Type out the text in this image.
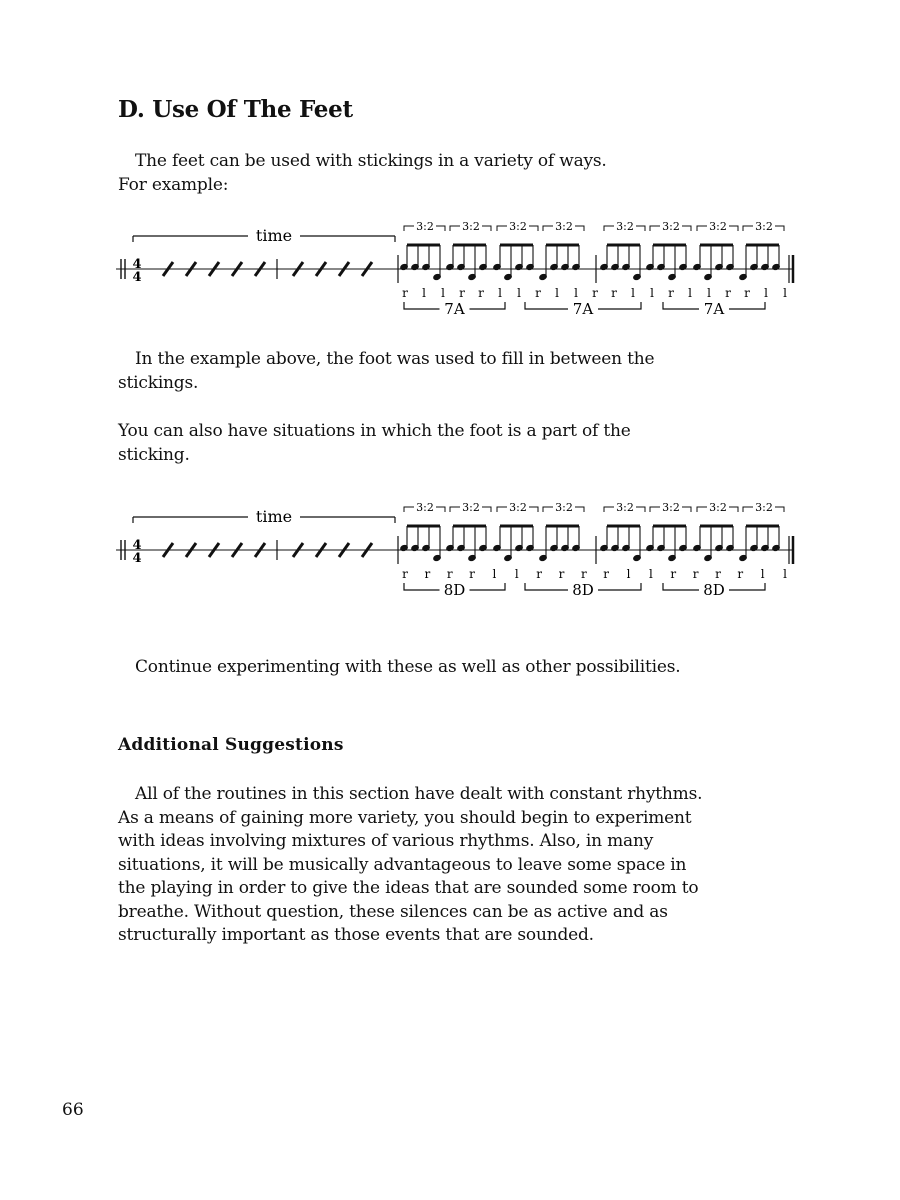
D. Use Of The Feet
The feet can be used with stickings in a variety of ways.
For example:
time
4
4
3:2	3:2	3:2	3:2	3:2	3:2	3:2	3:2
r l l r r l l r l l r r l l r l l r r l l
7A	7A	7A
In the example above, the foot was used to fill in between the
stickings.
You can also have situations in which the foot is a part of the
sticking.
time
4
4
3:2	3:2	3:2	3:2	3:2	3:2	3:2	3:2
r r r r l l r r r r l l r r r r l l
8D	8D	8D
Continue experimenting with these as well as other possibilities.
Additional Suggestions
All of the routines in this section have dealt with constant rhythms.
As a means of gaining more variety, you should begin to experiment
with ideas involving mixtures of various rhythms. Also, in many
situations, it will be musically advantageous to leave some space in
the playing in order to give the ideas that are sounded some room to
breathe. Without question, these silences can be as active and as
structurally important as those events that are sounded.
66
